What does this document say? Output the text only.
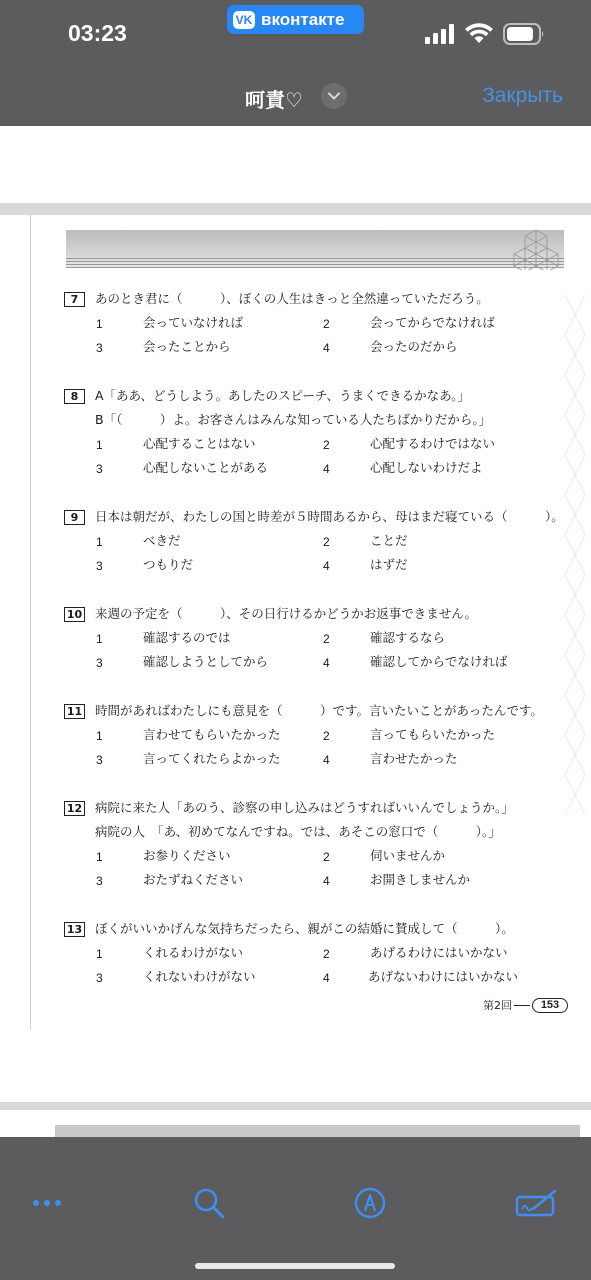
03:23
VK вконтакте
呵責♡	Закрыть
7	あのとき君に（　　　）、ぼくの人生はきっと全然違っていただろう。
1	会っていなければ	2	会ってからでなければ
3	会ったことから	4	会ったのだから
8	A「ああ、どうしよう。あしたのスピーチ、うまくできるかなあ。」
B「（　　　）よ。お客さんはみんな知っている人たちばかりだから。」
1	心配することはない	2	心配するわけではない
3	心配しないことがある	4	心配しないわけだよ
9	日本は朝だが、わたしの国と時差が５時間あるから、母はまだ寝ている（　　　）。
1	べきだ	2	ことだ
3	つもりだ	4	はずだ
10 来週の予定を（　　　）、その日行けるかどうかお返事できません。
1	確認するのでは	2	確認するなら
3	確認しようとしてから	4	確認してからでなければ
11 時間があればわたしにも意見を（　　　）です。言いたいことがあったんです。
1	言わせてもらいたかった	2	言ってもらいたかった
3	言ってくれたらよかった	4	言わせたかった
12 病院に来た人「あのう、診察の申し込みはどうすればいいんでしょうか。」
病院の人　「あ、初めてなんですね。では、あそこの窓口で（　　　）。」
1	お参りください	2	伺いませんか
3	おたずねください	4	お開きしませんか
13 ぼくがいいかげんな気持ちだったら、親がこの結婚に賛成して（　　　）。
1	くれるわけがない	2	あげるわけにはいかない
3	くれないわけがない	4	あげないわけにはいかない
第2回	153
